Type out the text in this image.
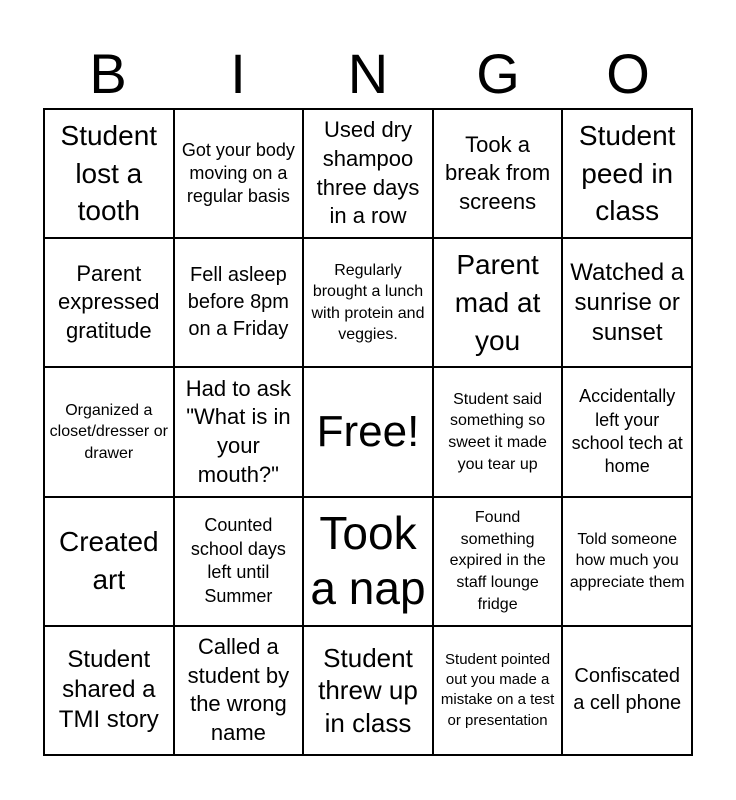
B	I	N	G	O
Student lost a tooth
Got your body moving on a regular basis
Used dry shampoo three days in a row
Took a break from screens
Student peed in class
Parent expressed gratitude
Fell asleep before 8pm on a Friday
Regularly brought a lunch with protein and veggies.
Parent mad at you
Watched a sunrise or sunset
Organized a closet/dresser or drawer
Had to ask "What is in your mouth?"
Free!
Student said something so sweet it made you tear up
Accidentally left your school tech at home
Created art
Counted school days left until Summer
Took a nap
Found something expired in the staff lounge fridge
Told someone how much you appreciate them
Student shared a TMI story
Called a student by the wrong name
Student threw up in class
Student pointed out you made a mistake on a test or presentation
Confiscated a cell phone
